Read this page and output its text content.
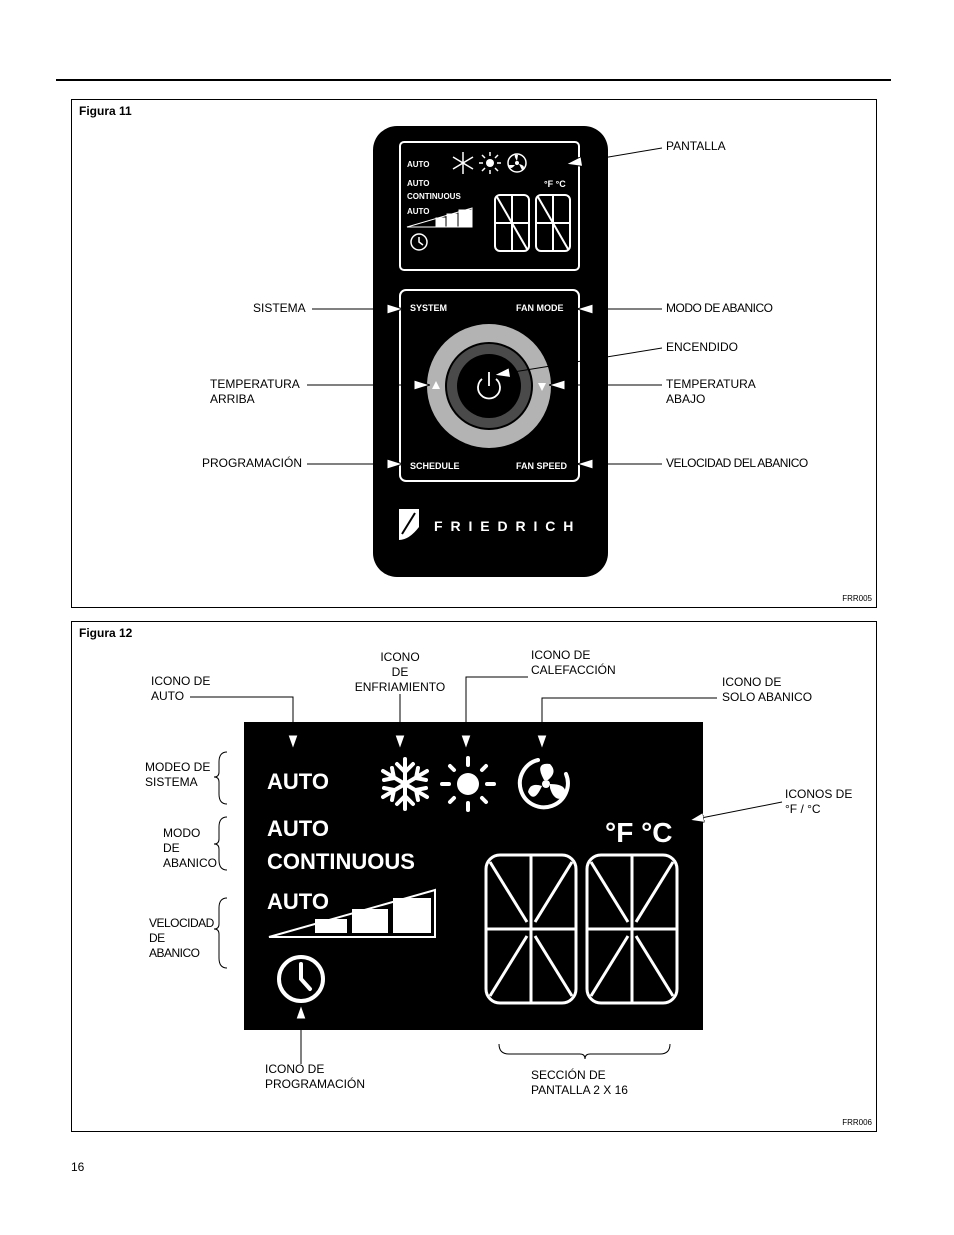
Figura 11
FRR005
AUTO
AUTO
CONTINUOUS
AUTO
°F °C
SYSTEM	FAN MODE
SCHEDULE	FAN SPEED
F R I E D R I C H
PANTALLA
SISTEMA	MODO DE ABANICO
ENCENDIDO
TEMPERATURA
ARRIBA
TEMPERATURA
ABAJO
PROGRAMACIÓN	VELOCIDAD DEL ABANICO
Figura 12
FRR006
AUTO
AUTO
CONTINUOUS
AUTO
°F °C
ICONO DE
AUTO
ICONO
DE
ENFRIAMIENTO
ICONO DE
CALEFACCIÓN
ICONO DE
SOLO ABANICO
MODEO DE
SISTEMA
MODO
DE
ABANICO
VELOCIDAD
DE
ABANICO
ICONOS DE
°F / °C
ICONO DE
PROGRAMACIÓN
SECCIÓN DE
PANTALLA 2 X 16
16
